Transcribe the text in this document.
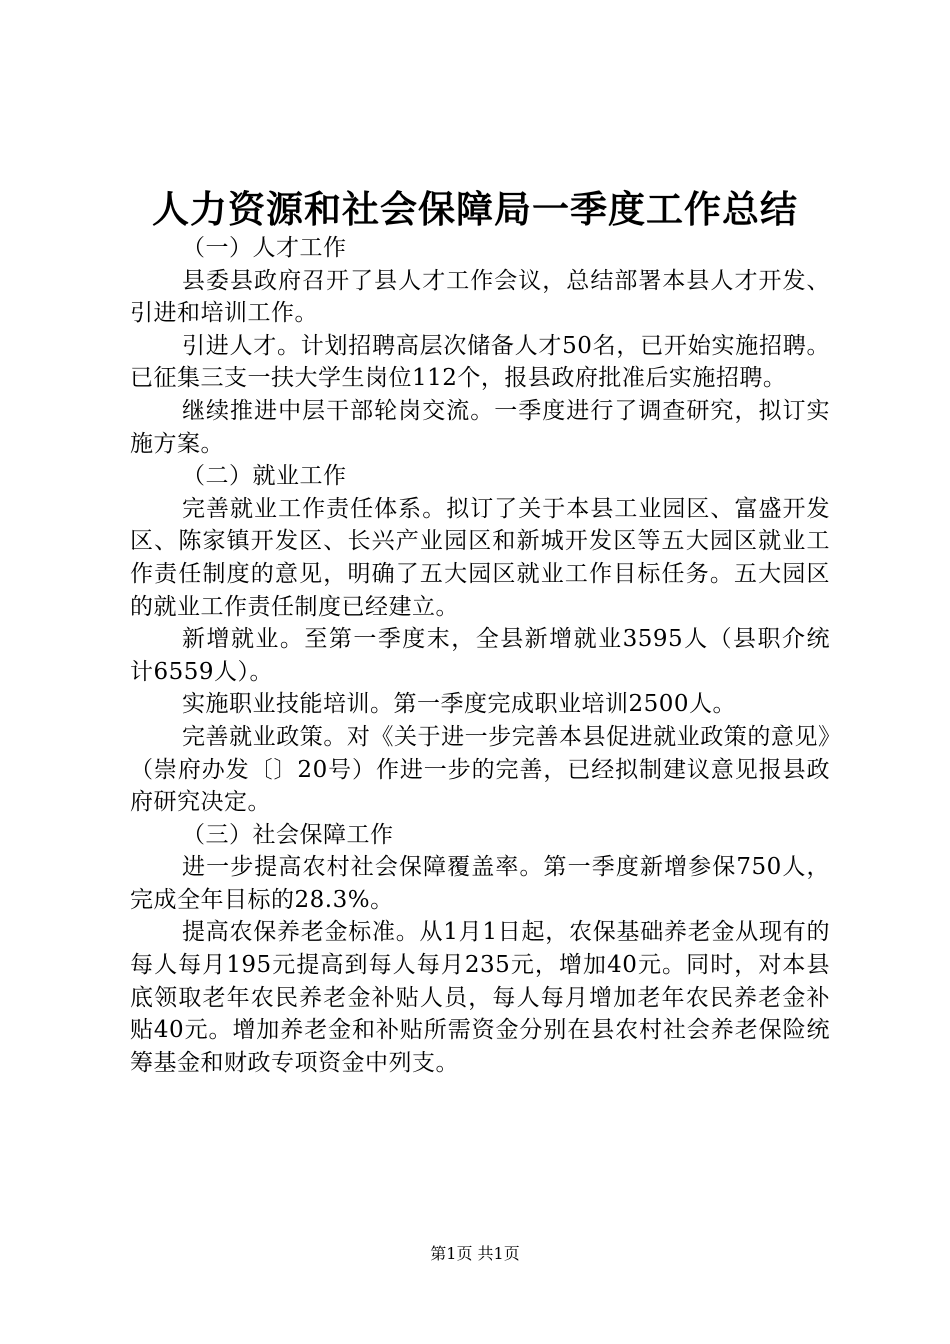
人力资源和社会保障局一季度工作总结

（一）人才工作

县委县政府召开了县人才工作会议，总结部署本县人才开发、引进和培训工作。

引进人才。计划招聘高层次储备人才50名，已开始实施招聘。已征集三支一扶大学生岗位112个，报县政府批准后实施招聘。

继续推进中层干部轮岗交流。一季度进行了调查研究，拟订实施方案。

（二）就业工作

完善就业工作责任体系。拟订了关于本县工业园区、富盛开发区、陈家镇开发区、长兴产业园区和新城开发区等五大园区就业工作责任制度的意见，明确了五大园区就业工作目标任务。五大园区的就业工作责任制度已经建立。

新增就业。至第一季度末，全县新增就业3595人（县职介统计6559人）。

实施职业技能培训。第一季度完成职业培训2500人。

完善就业政策。对《关于进一步完善本县促进就业政策的意见》（崇府办发〔〕20号）作进一步的完善，已经拟制建议意见报县政府研究决定。

（三）社会保障工作

进一步提高农村社会保障覆盖率。第一季度新增参保750人，完成全年目标的28.3%。

提高农保养老金标准。从1月1日起，农保基础养老金从现有的每人每月195元提高到每人每月235元，增加40元。同时，对本县底领取老年农民养老金补贴人员，每人每月增加老年农民养老金补贴40元。增加养老金和补贴所需资金分别在县农村社会养老保险统筹基金和财政专项资金中列支。

第1页 共1页
